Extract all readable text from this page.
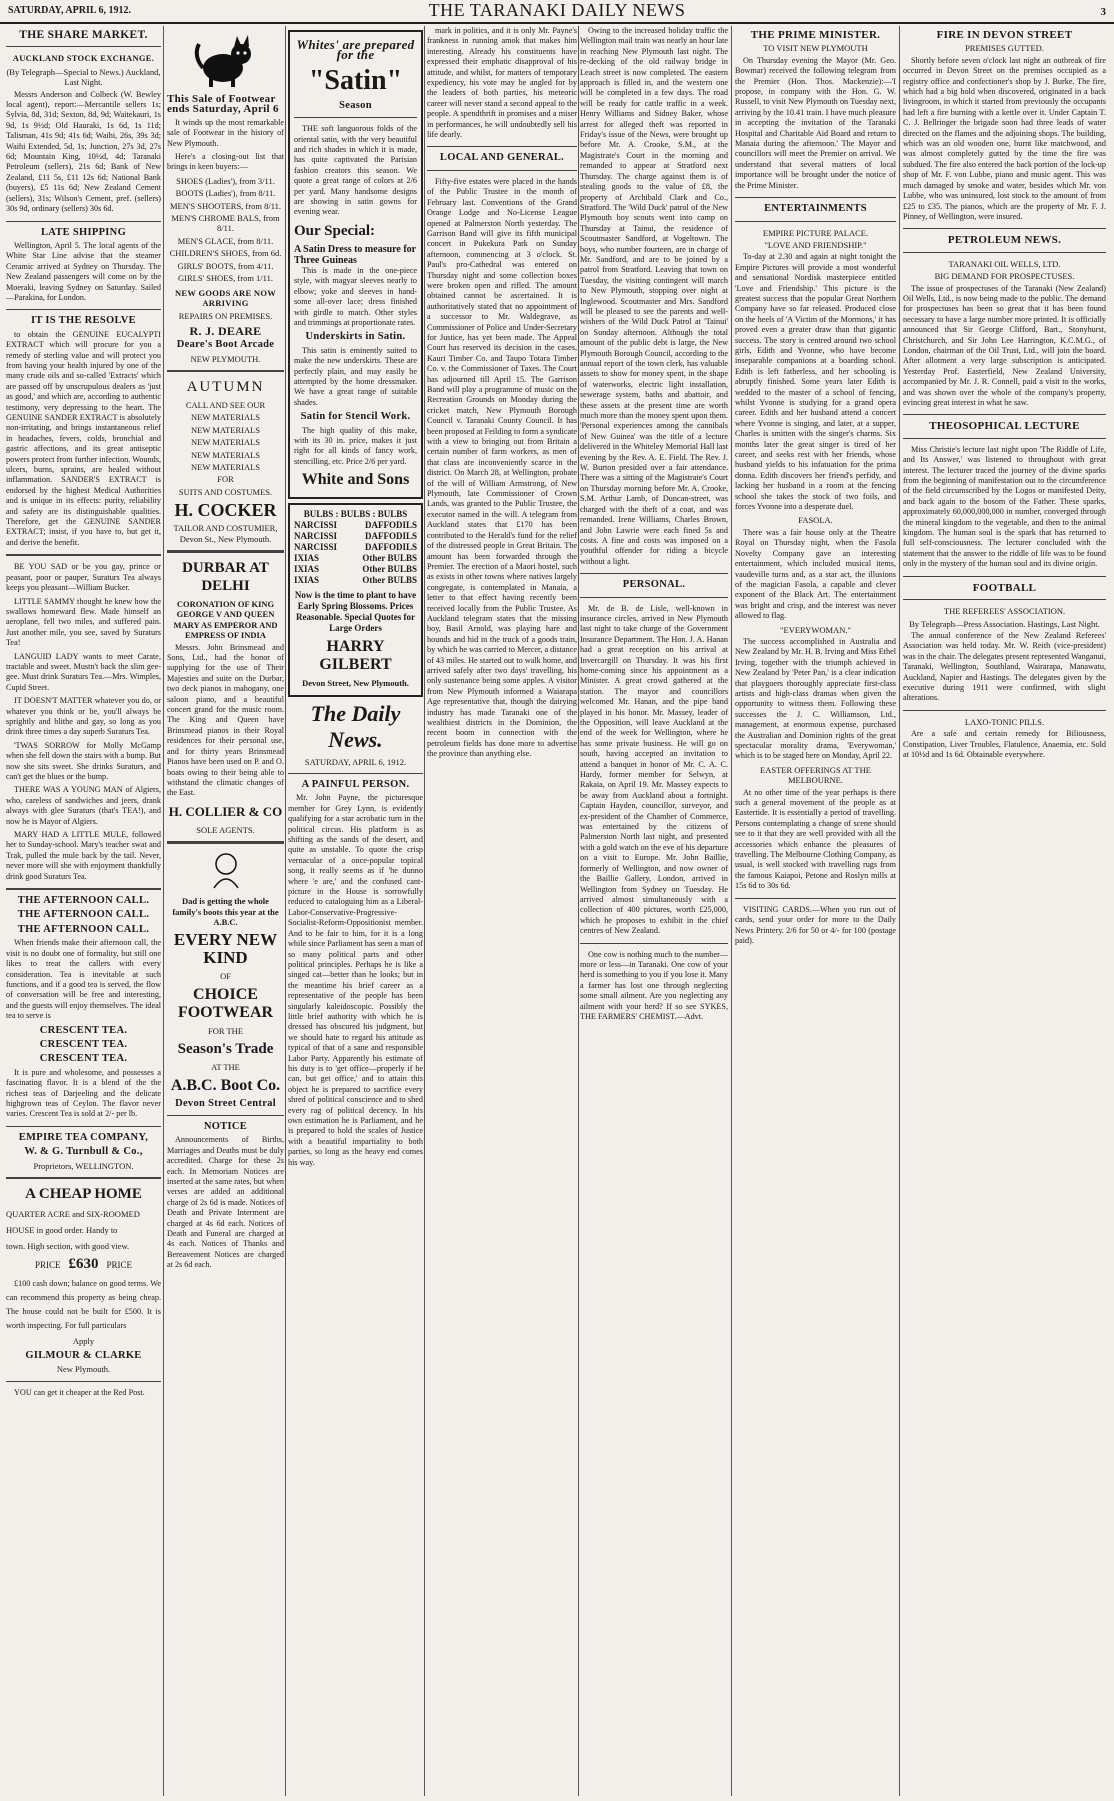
SATURDAY, APRIL 6, 1912.	THE TARANAKI DAILY NEWS	3
THE SHARE MARKET.
AUCKLAND STOCK EXCHANGE.
(By Telegraph—Special to News.) Auckland, Last Night.

Messrs Anderson and Colbeck (W. Bewley local agent), report:—Mercantile sellers 1s; Sylvia, 8d, 31d; Sexton, 8d, 9d; Waitekauri, 1s 9d, 1s 9½d; Old Hauraki, 1s 6d, 1s 11d; Talisman, 41s 9d; 41s 6d; Waihi, 26s, 39s 3d; Waihi Extended, 5d, 1s; Junction, 27s 3d, 27s 6d; Mountain King, 10½d, 4d; Taranaki Petroleum (sellers), 21s 6d; Bank of New Zealand, £11 5s, £11 12s 6d; National Bank (buyers), £5 11s 6d; New Zealand Cement (sellers), 31s; Wilson's Cement, pref. (sellers) 30s 9d, ordinary (sellers) 30s 6d.

LATE SHIPPING

Wellington, April 5. The local agents of the White Star Line advise that the steamer Ceramic arrived at Sydney on Thursday. The New Zealand passengers will come on by the Moeraki, leaving Sydney on Saturday. Sailed—Parakina, for London.

IT IS THE RESOLVE

to obtain the GENUINE EUCALYPTI EXTRACT which will procure for you a remedy of sterling value and will protect you from having your health injured by one of the many crude oils and so-called 'Extracts' which are passed off by unscrupulous dealers as 'just as good,' and which are, according to authentic testimony, very depressing to the heart. The GENUINE SANDER EXTRACT is absolutely non-irritating, and brings instantaneous relief in headaches, fevers, colds, bronchial and gastric affections, and its great antiseptic powers protect from further infection. Wounds, ulcers, burns, sprains, are healed without inflammation. SANDER'S EXTRACT is endorsed by the highest Medical Authorities and is unique in its effects: purity, reliability and safety are its distinguishable qualities. Therefore, get the GENUINE SANDER EXTRACT; insist, if you have to, but get it, and derive the benefit.

BE YOU SAD or be you gay, prince or peasant, poor or pauper, Suraturs Tea always keeps you pleasant—William Bucker.

LITTLE SAMMY thought he knew how the swallows homeward flew. Made himself an aeroplane, fell two miles, and suffered pain. Just another mile, you see, saved by Suraturs Tea!

LANGUID LADY wants to meet Carate, tractable and sweet. Mustn't back the slim gee-gee. Must drink Suraturs Tea.—Mrs. Wimples, Cupid Street.

IT DOESN'T MATTER whatever you do, or whatever you think or be, you'll always be sprightly and blithe and gay, so long as you drink three times a day superb Suraturs Tea.

'TWAS SORROW for Molly McGamp when she fell down the stairs with a bump. But now she sits sweet. She drinks Suraturs, and can't get the blues or the bump.

THERE WAS A YOUNG MAN of Algiers, who, careless of sandwiches and jeers, drank always with glee Suraturs (that's TEA!), and now he is Mayor of Algiers.

MARY HAD A LITTLE MULE, followed her to Sunday-school. Mary's teacher swat and Trak, pulled the mule back by the tail. Never, never more will she with enjoyment thankfully drink good Suraturs Tea.

THE AFTERNOON CALL.
THE AFTERNOON CALL.
THE AFTERNOON CALL.

When friends make their afternoon call, the visit is no doubt one of formality, but still one likes to treat the callers with every consideration. Tea is inevitable at such functions, and if a good tea is served, the flow of conversation will be free and interesting, and the guests will enjoy themselves. The ideal tea to serve is

CRESCENT TEA.
CRESCENT TEA.
CRESCENT TEA.

It is pure and wholesome, and possesses a fascinating flavor. It is a blend of the the richest teas of Darjeeling and the delicate highgrown teas of Ceylon. The flavor never varies. Crescent Tea is sold at 2/- per lb.

EMPIRE TEA COMPANY,
W. & G. Turnbull & Co.,
Proprietors, WELLINGTON.
A CHEAP HOME
QUARTER ACRE and SIX-ROOMED
HOUSE in good order. Handy to
town. High section, with good view.
PRICE £630 PRICE

£100 cash down; balance on good terms. We can recommend this property as being cheap. The house could not be built for £500. It is worth inspecting. For full particulars

Apply
GILMOUR & CLARKE
New Plymouth.

YOU can get it cheaper at the Red Post.

This Sale of Footwear ends Saturday, April 6

It winds up the most remarkable sale of Footwear in the history of New Plymouth.

Here's a closing-out list that brings in keen buyers:—

SHOES (Ladies'), from 3/11.
BOOTS (Ladies'), from 8/11.
MEN'S SHOOTERS, from 8/11.
MEN'S CHROME BALS, from 8/11.
MEN'S GLACE, from 8/11.
CHILDREN'S SHOES, from 6d.
GIRLS' BOOTS, from 4/11.
GIRLS' SHOES, from 1/11.
NEW GOODS ARE NOW ARRIVING
REPAIRS ON PREMISES.
R. J. DEARE
Deare's Boot Arcade
NEW PLYMOUTH.
AUTUMN
CALL AND SEE OUR
NEW MATERIALS
NEW MATERIALS
NEW MATERIALS
NEW MATERIALS
NEW MATERIALS
FOR
SUITS AND COSTUMES.
H. COCKER
TAILOR AND COSTUMIER, Devon St., New Plymouth.
DURBAR AT DELHI
CORONATION OF KING GEORGE V AND QUEEN MARY AS EMPEROR AND EMPRESS OF INDIA

Messrs. John Brinsmead and Sons, Ltd., had the honor of supplying for the use of Their Majesties and suite on the Durbar, two deck pianos in mahogany, one saloon piano, and a beautiful concert grand for the music room. The King and Queen have Brinsmead pianos in their Royal residences for their personal use, and for thirty years Brinsmead Pianos have been used on P. and O. boats owing to their being able to withstand the climatic changes of the East.

H. COLLIER & CO
SOLE AGENTS.
Dad is getting the whole family's boots this year at the A.B.C.
EVERY NEW KIND
OF
CHOICE FOOTWEAR
FOR THE
Season's Trade
AT THE
A.B.C. Boot Co.
Devon Street Central
NOTICE

Announcements of Births, Marriages and Deaths must be duly accredited. Charge for these 2s each. In Memoriam Notices are inserted at the same rates, but when verses are added an additional charge of 2s 6d is made. Notices of Death and Private Interment are charged at 4s 6d each. Notices of Death and Funeral are charged at 4s each. Notices of Thanks and Bereavement Notices are charged at 2s 6d each.

Whites' are prepared for the
"Satin"
Season

THE soft languorous folds of the oriental satin, with the very beautiful and rich shades in which it is made, has quite captivated the Parisian fashion creators this season. We quote a great range of colors at 2/6 per yard. Many handsome designs are showing in satin gowns for evening wear.

Our Special:
A Satin Dress to measure for Three Guineas

This is made in the one-piece style, with magyar sleeves nearly to elbow; yoke and sleeves in hand-some all-over lace; dress finished with girdle to match. Other styles and trimmings at proportionate rates.

Underskirts in Satin.

This satin is eminently suited to make the new underskirts. These are perfectly plain, and may easily be attempted by the home dressmaker. We have a great range of suitable shades.

Satin for Stencil Work.

The high quality of this make, with its 30 in. price, makes it just right for all kinds of fancy work, stencilling, etc. Price 2/6 per yard.

White and Sons
BULBS : BULBS : BULBS
NARCISSI	DAFFODILS
NARCISSI	DAFFODILS
NARCISSI	DAFFODILS
IXIAS	Other BULBS
IXIAS	Other BULBS
IXIAS	Other BULBS
Now is the time to plant to have Early Spring Blossoms. Prices Reasonable. Special Quotes for Large Orders
HARRY GILBERT
Devon Street, New Plymouth.
The Daily News.
SATURDAY, APRIL 6, 1912.
A PAINFUL PERSON.

Mr. John Payne, the picturesque member for Grey Lynn, is evidently qualifying for a star acrobatic turn in the political circus. His platform is as shifting as the sands of the desert, and quite as unstable. To quote the crisp vernacular of a once-popular topical song, it really seems as if 'he dunno where 'e are,' and the confused cant-picture in the House is sorrowfully reduced to cataloguing him as a Liberal-Labor-Conservative-Progressive-Socialist-Reform-Oppositionist member. And to be fair to him, for it is a long while since Parliament has seen a man of so many political parts and other political principles. Perhaps he is like a singed cat—better than he looks; but in the meantime his brief career as a representative of the people has been singularly kaleidoscopic. Possibly the little brief authority with which he is dressed has obscured his judgment, but we should hate to regard his attitude as typical of that of a sane and responsible Labor Party. Apparently his estimate of his duty is to 'get office—properly if he can, but get office,' and to attain this object he is prepared to sacrifice every shred of political conscience and to shed every rag of political decency. In his own estimation he is Parliament, and he is prepared to hold the scales of Justice with a beautiful impartiality to both parties, so long as the heavy end comes his way.

mark in politics, and it is only Mr. Payne's frankness in running amok that makes him interesting. Already his constituents have expressed their emphatic disapproval of his attitude, and whilst, for matters of temporary expediency, his vote may be angled for by the leaders of both parties, his meteoric career will never stand a second appeal to the people. A spendthrift in promises and a miser in performances, he will undoubtedly sell his life dearly.

LOCAL AND GENERAL.

Fifty-five estates were placed in the hands of the Public Trustee in the month of February last. Conventions of the Grand Orange Lodge and No-License League opened at Palmerston North yesterday. The Garrison Band will give its fifth municipal concert in Pukekura Park on Sunday afternoon, commencing at 3 o'clock. St. Paul's pro-Cathedral was entered on Thursday night and some collection boxes were broken open and rifled. The amount obtained cannot be ascertained. It is authoritatively stated that no appointment of a successor to Mr. Waldegrave, as Commissioner of Police and Under-Secretary for Justice, has yet been made. The Appeal Court has reserved its decision in the cases, Kauri Timber Co. and Taupo Totara Timber Co. v. the Commissioner of Taxes. The Court has adjourned till April 15. The Garrison Band will play a programme of music on the Recreation Grounds on Monday during the cricket match, New Plymouth Borough Council v. Taranaki County Council. It has been proposed at Feilding to form a syndicate with a view to bringing out from Britain a certain number of farm workers, as men of that class are inconveniently scarce in the district. On March 28, at Wellington, probate of the will of William Armstrong, of New Plymouth, late Commissioner of Crown Lands, was granted to the Public Trustee, the executor named in the will. A telegram from Auckland states that £170 has been contributed to the Herald's fund for the relief of the distressed people in Great Britain. The amount has been forwarded through the Premier. The erection of a Maori hostel, such as exists in other towns where natives largely congregate, is contemplated in Manaia, a letter to that effect having recently been received locally from the Public Trustee. As Auckland telegram states that the missing boy, Basil Arnold, was playing hare and hounds and hid in the truck of a goods train, by which he was carried to Mercer, a distance of 43 miles. He started out to walk home, and arrived safely after two days' travelling, his only sustenance being some apples. A visitor from New Plymouth informed a Waiarapa Age representative that, though the dairying industry has made Taranaki one of the wealthiest districts in the Dominion, the recent boom in connection with the petroleum fields has done more to advertise the province than anything else.

Owing to the increased holiday traffic the Wellington mail train was nearly an hour late in reaching New Plymouth last night. The re-decking of the old railway bridge in Leach street is now completed. The eastern approach is filled in, and the western one will be completed in a few days. The road will be ready for cattle traffic in a week. Henry Williams and Sidney Baker, whose arrest for alleged theft was reported in Friday's issue of the News, were brought up before Mr. A. Crooke, S.M., at the Magistrate's Court in the morning and remanded to appear at Stratford next Thursday. The charge against them is of stealing goods to the value of £8, the property of Archibald Clark and Co., Stratford. The 'Wild Duck' patrol of the New Plymouth boy scouts went into camp on Thursday at Tainui, the residence of Scoutmaster Sandford, at Vogeltown. The boys, who number fourteen, are in charge of Mr. Sandford, and are to be joined by a patrol from Stratford. Leaving that town on Tuesday, the visiting contingent will march to New Plymouth, stopping over night at Inglewood. Scoutmaster and Mrs. Sandford will be pleased to see the parents and well-wishers of the Wild Duck Patrol at 'Tainui' on Sunday afternoon. Although the total amount of the public debt is large, the New Plymouth Borough Council, according to the annual report of the town clerk, has valuable assets to show for money spent, in the shape of waterworks, electric light installation, sewerage system, baths and abattoir, and these assets at the present time are worth much more than the money spent upon them. 'Personal experiences among the cannibals of New Guinea' was the title of a lecture delivered in the Whiteley Memorial Hall last evening by the Rev. A. E. Field. The Rev. J. W. Burton presided over a fair attendance. There was a sitting of the Magistrate's Court on Thursday morning before Mr. A. Crooke, S.M. Arthur Lamb, of Duncan-street, was charged with the theft of a coat, and was remanded. Irene Williams, Charles Brown, and John Lawrie were each fined 5s and costs. A fine and costs was imposed on a youthful offender for riding a bicycle without a light.

PERSONAL.

Mr. de B. de Lisle, well-known in insurance circles, arrived in New Plymouth last night to take charge of the Government Insurance Department. The Hon. J. A. Hanan had a great reception on his arrival at Invercargill on Thursday. It was his first home-coming since his appointment as a Minister. A great crowd gathered at the station. The mayor and councillors welcomed Mr. Hanan, and the pipe band played in his honor. Mr. Massey, leader of the Opposition, will leave Auckland at the end of the week for Wellington, where he has some private business. He will go on south, having accepted an invitation to attend a banquet in honor of Mr. C. A. C. Hardy, former member for Selwyn, at Rakaia, on April 19. Mr. Massey expects to be away from Auckland about a fortnight. Captain Hayden, councillor, surveyor, and ex-president of the Chamber of Commerce, was entertained by the citizens of Palmerston North last night, and presented with a gold watch on the eve of his departure on a visit to Europe. Mr. John Baillie, formerly of Wellington, and now owner of the Baillie Gallery, London, arrived in Wellington from Sydney on Tuesday. He arrived almost simultaneously with a collection of 400 pictures, worth £25,000, which he proposes to exhibit in the chief centres of New Zealand.

One cow is nothing much to the number—more or less—in Taranaki. One cow of your herd is something to you if you lose it. Many a farmer has lost one through neglecting some small ailment. Are you neglecting any ailment with your herd? If so see SYKES, THE FARMERS' CHEMIST.—Advt.

THE PRIME MINISTER.
TO VISIT NEW PLYMOUTH

On Thursday evening the Mayor (Mr. Geo. Bowmar) received the following telegram from the Premier (Hon. Thos. Mackenzie):—'I propose, in company with the Hon. G. W. Russell, to visit New Plymouth on Tuesday next, arriving by the 10.41 train. I have much pleasure in accepting the invitation of the Taranaki Hospital and Charitable Aid Board and return to Manaia during the afternoon.' The Mayor and councillors will meet the Premier on arrival. We understand that several matters of local importance will be brought under the notice of the Prime Minister.

ENTERTAINMENTS
EMPIRE PICTURE PALACE.
"LOVE AND FRIENDSHIP."

To-day at 2.30 and again at night tonight the Empire Pictures will provide a most wonderful and sensational Nordisk masterpiece entitled 'Love and Friendship.' This picture is the greatest success that the popular Great Northern Company have so far released. Produced close on the heels of 'A Victim of the Mormons,' it has proved even a greater draw than that gigantic success. The story is centred around two school girls, Edith and Yvonne, who have become inseparable companions at a boarding school. Edith is left fatherless, and her schooling is abruptly finished. Some years later Edith is wedded to the master of a school of fencing, whilst Yvonne is studying for a grand opera career. Edith and her husband attend a concert where Yvonne is singing, and later, at a supper, Charles is smitten with the singer's charms. Six months later the great singer is tired of her career, and seeks rest with her friends, whose husband yields to his infatuation for the prima donna. Edith discovers her friend's perfidy, and lacking her husband in a room at the fencing school she takes the stock of two foils, and forces Yvonne into a desperate duel.

FASOLA.

There was a fair house only at the Theatre Royal on Thursday night, when the Fasola Novelty Company gave an interesting entertainment, which included musical items, vaudeville turns and, as a star act, the illusions of the magician Fasola, a capable and clever exponent of the Black Art. The entertainment was bright and crisp, and the interest was never allowed to flag.

"EVERYWOMAN."

The success accomplished in Australia and New Zealand by Mr. H. B. Irving and Miss Ethel Irving, together with the triumph achieved in New Zealand by 'Peter Pan,' is a clear indication that playgoers thoroughly appreciate first-class artists and high-class dramas when given the opportunity to witness them. Following these successes the J. C. Williamson, Ltd., management, at enormous expense, purchased the Australian and Dominion rights of the great spectacular morality drama, 'Everywoman,' which is to be staged here on Monday, April 22.

EASTER OFFERINGS AT THE MELBOURNE.

At no other time of the year perhaps is there such a general movement of the people as at Eastertide. It is essentially a period of travelling. Persons contemplating a change of scene should see to it that they are well provided with all the accessories which enhance the pleasures of travelling. The Melbourne Clothing Company, as usual, is well stocked with travelling rugs from the famous Kaiapoi, Petone and Roslyn mills at 15s 6d to 30s 6d.

VISITING CARDS.—When you run out of cards, send your order for more to the Daily News Printery. 2/6 for 50 or 4/- for 100 (postage paid).

FIRE IN DEVON STREET
PREMISES GUTTED.

Shortly before seven o'clock last night an outbreak of fire occurred in Devon Street on the premises occupied as a registry office and confectioner's shop by J. Burke. The fire, which had a big hold when discovered, originated in a back livingroom, in which it started from previously the occupants had left a fire burning with a kettle over it. Under Captain T. C. J. Bellringer the brigade soon had three leads of water directed on the flames and the adjoining shops. The building, which was an old wooden one, burnt like matchwood, and was almost completely gutted by the time the fire was subdued. The fire also entered the back portion of the lock-up shop of Mr. F. von Lubbe, piano and music agent. This was much damaged by smoke and water, besides which Mr. von Lubbe, who was uninsured, lost stock to the amount of from £25 to £35. The pianos, which are the property of Mr. F. J. Pinney, of Wellington, were insured.

PETROLEUM NEWS.
TARANAKI OIL WELLS, LTD.
BIG DEMAND FOR PROSPECTUSES.

The issue of prospectuses of the Taranaki (New Zealand) Oil Wells, Ltd., is now being made to the public. The demand for prospectuses has been so great that it has been found necessary to have a large number more printed. It is officially announced that Sir George Clifford, Bart., Stonyhurst, Christchurch, and Sir John Lee Harrington, K.C.M.G., of London, chairman of the Oil Trust, Ltd., will join the board. After allotment a very large subscription is anticipated. Yesterday Prof. Easterfield, New Zealand University, accompanied by Mr. J. R. Connell, paid a visit to the works, and was shown over the whole of the company's property, evincing great interest in what he saw.

THEOSOPHICAL LECTURE

Miss Christie's lecture last night upon 'The Riddle of Life, and Its Answer,' was listened to throughout with great interest. The lecturer traced the journey of the divine sparks from the beginning of manifestation out to the circumference of the field circumscribed by the Logos or manifested Deity, and back again to the bosom of the Father. These sparks, approximately 60,000,000,000 in number, converged through the mineral kingdom to the vegetable, and then to the animal kingdom. The human soul is the spark that has returned to full self-consciousness. The lecturer concluded with the statement that the answer to the riddle of life was to be found only in the mystery of the human soul and its divine origin.

FOOTBALL
THE REFEREES' ASSOCIATION.
By Telegraph—Press Association. Hastings, Last Night.

The annual conference of the New Zealand Referees' Association was held today. Mr. W. Reith (vice-president) was in the chair. The delegates present represented Wanganui, Taranaki, Wellington, Southland, Wairarapa, Manawatu, Auckland, Napier and Hastings. The delegates given by the executive during 1911 were confirmed, with slight alterations.

LAXO-TONIC PILLS.

Are a safe and certain remedy for Biliousness, Constipation, Liver Troubles, Flatulence, Anaemia, etc. Sold at 10½d and 1s 6d. Obtainable everywhere.
